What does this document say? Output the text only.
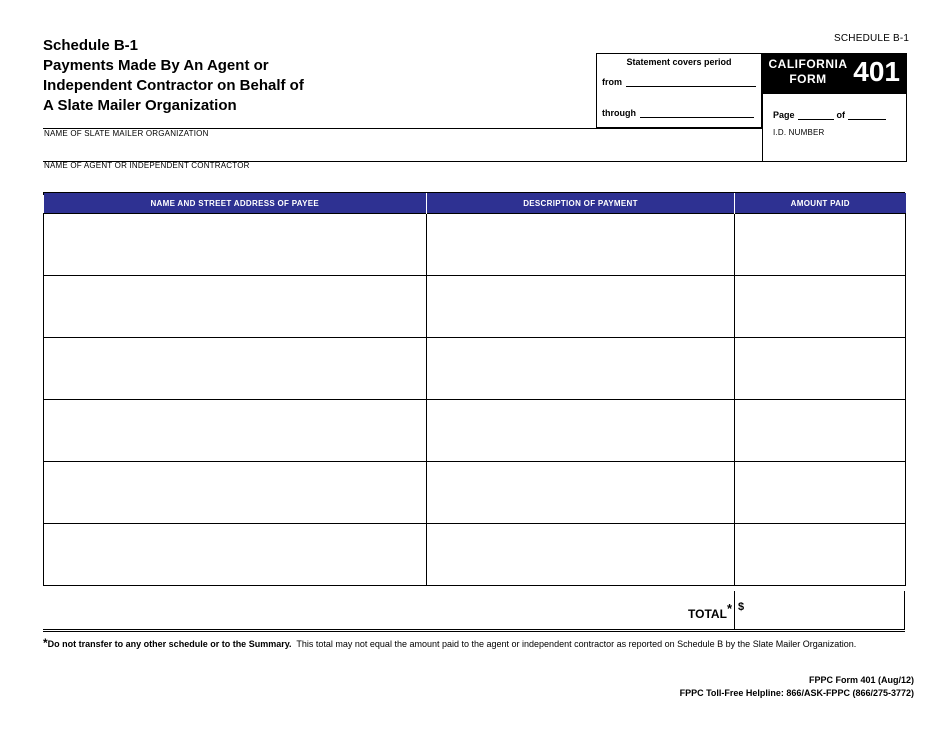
Schedule B-1
Payments Made By An Agent or
Independent Contractor on Behalf of
A Slate Mailer Organization
SCHEDULE B-1
Statement covers period
from
through
CALIFORNIA
FORM 401
Page	of
I.D. NUMBER
NAME OF SLATE MAILER ORGANIZATION
NAME OF AGENT OR INDEPENDENT CONTRACTOR
NAME AND STREET ADDRESS OF PAYEE	DESCRIPTION OF PAYMENT	AMOUNT PAID

TOTAL* $
*Do not transfer to any other schedule or to the Summary. This total may not equal the amount paid to the agent or independent contractor as reported on Schedule B by the Slate Mailer Organization.
FPPC Form 401 (Aug/12)
FPPC Toll-Free Helpline: 866/ASK-FPPC (866/275-3772)
